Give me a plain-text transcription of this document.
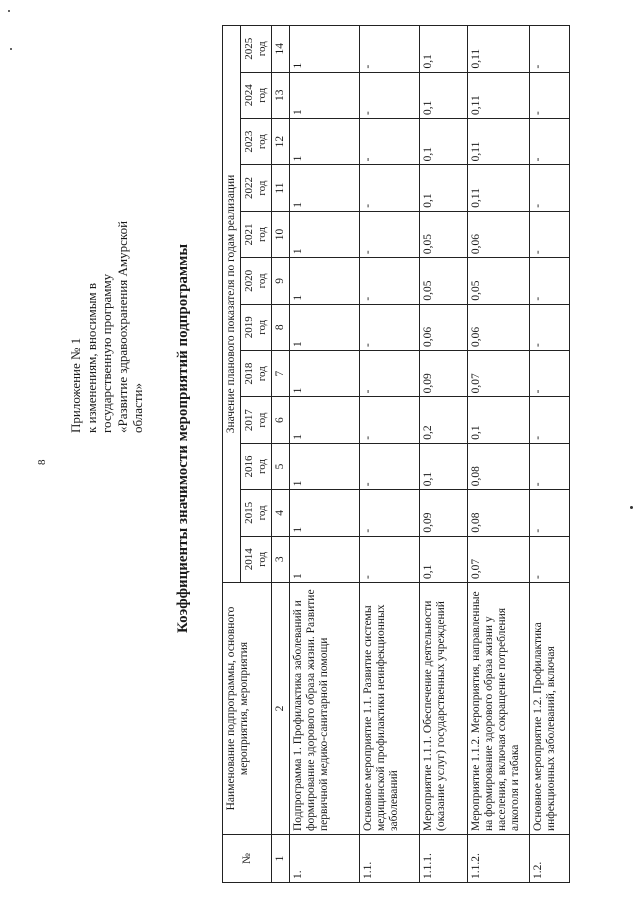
8
Приложение № 1 к изменениям, вносимым в государственную программу «Развитие здравоохранения Амурской области» Коэффициенты значимости мероприятий подпрограммы
№	Наименование подпрограммы, основного мероприятия, мероприятия	Значение планового показателя по годам реализации											
		2014 год	2015 год	2016 год	2017 год	2018 год	2019 год	2020 год	2021 год	2022 год	2023 год	2024 год	2025 год
1	2	3	4	5	6	7	8	9	10	11	12	13	14
1.	Подпрограмма 1. Профилактика заболеваний и формирование здорового образа жизни. Развитие первичной медико-санитарной помощи	1	1	1	1	1	1	1	1	1	1	1	1
1.1.	Основное мероприятие 1.1. Развитие системы медицинской профилактики неинфекционных заболеваний	-	-	-	-	-	-	-	-	-	-	-	-
1.1.1.	Мероприятие 1.1.1. Обеспечение деятельности (оказание услуг) государственных учреждений	0,1	0,09	0,1	0,2	0,09	0,06	0,05	0,05	0,1	0,1	0,1	0,1
1.1.2.	Мероприятие 1.1.2. Мероприятия, направленные на формирование здорового образа жизни у населения, включая сокращение потребления алкоголя и табака	0,07	0,08	0,08	0,1	0,07	0,06	0,05	0,06	0,11	0,11	0,11	0,11
1.2.	Основное мероприятие 1.2. Профилактика инфекционных заболеваний, включая	-	-	-	-	-	-	-	-	-	-	-	-
